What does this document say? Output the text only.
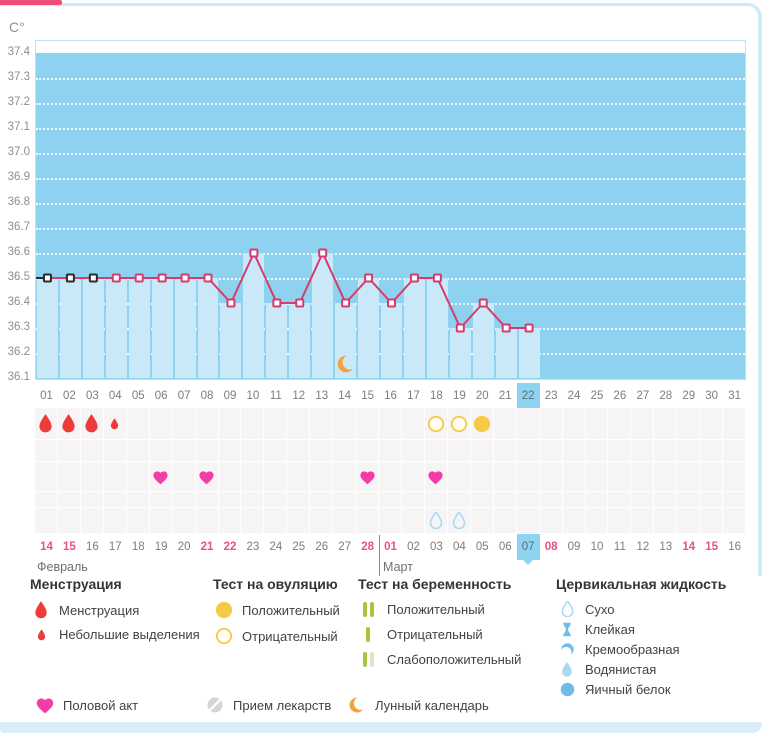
C°
37.4
37.3
37.2
37.1
37.0
36.9
36.8
36.7
36.6
36.5
36.4
36.3
36.2
36.1
01 02 03 04 05 06 07 08 09 10 11 12 13 14 15 16 17 18 19 20 21 22 23 24 25 26 27 28 29 30 31
14 15 16 17 18 19 20 21 22 23 24 25 26 27 28 01 02 03 04 05 06 07 08 09 10 11 12 13 14 15 16
Февраль	Март
Менструация
Менструация
Небольшие выделения
Тест на овуляцию
Положительный
Отрицательный
Тест на беременность
Положительный
Отрицательный
Слабоположительный
Цервикальная жидкость
Сухо
Клейкая
Кремообразная
Водянистая
Яичный белок
Половой акт	Прием лекарств	Лунный календарь
